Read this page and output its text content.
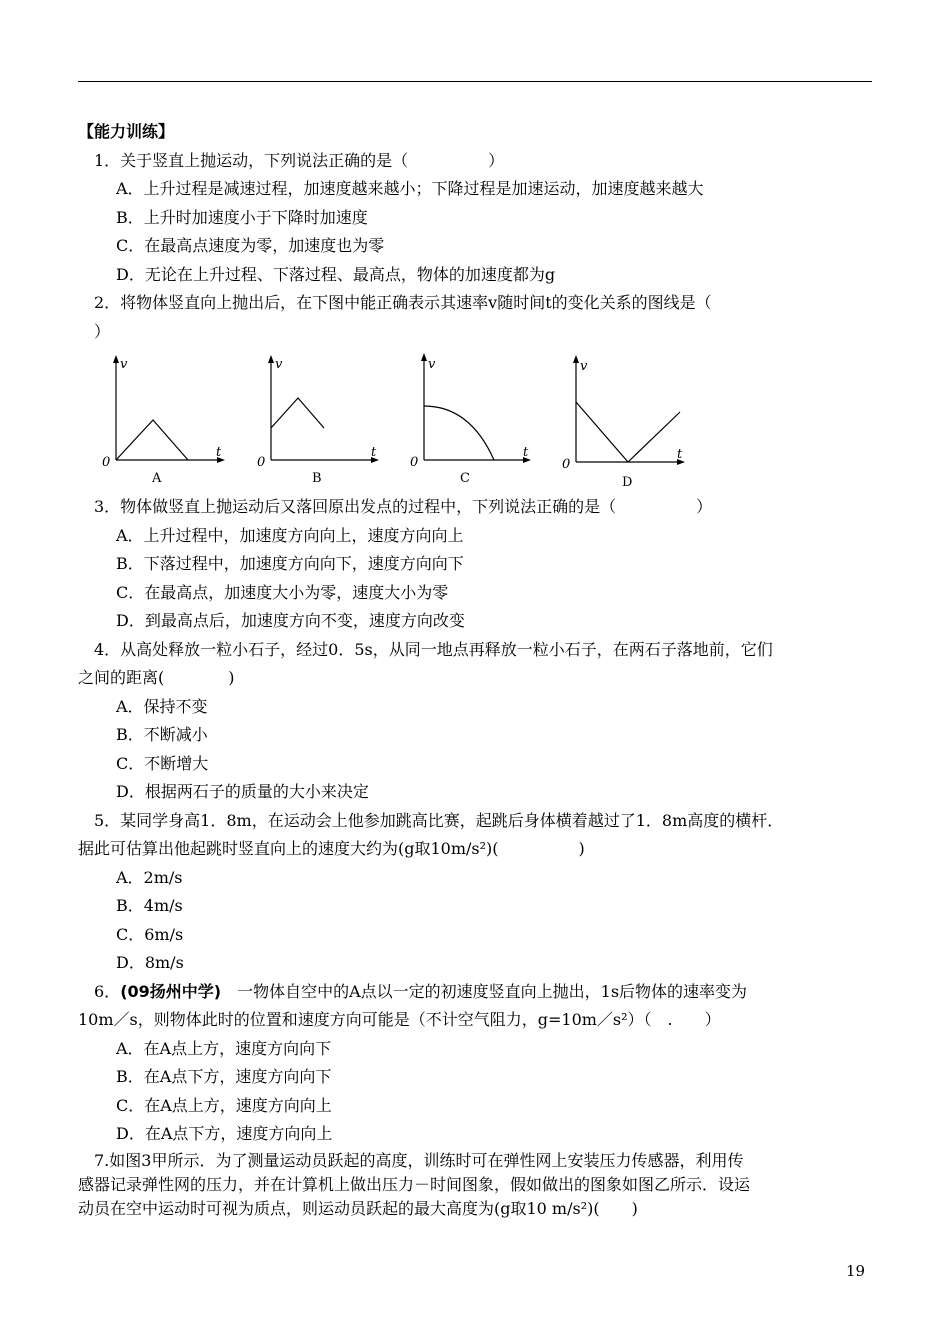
【能力训练】
1．关于竖直上抛运动，下列说法正确的是（　　　　　）
A．上升过程是减速过程，加速度越来越小；下降过程是加速运动，加速度越来越大
B．上升时加速度小于下降时加速度
C．在最高点速度为零，加速度也为零
D．无论在上升过程、下落过程、最高点，物体的加速度都为g
2．将物体竖直向上抛出后，在下图中能正确表示其速率v随时间t的变化关系的图线是（
）
v
t
0
A
v
t
0
B
v
t
0
C
v
t
0
D
3．物体做竖直上抛运动后又落回原出发点的过程中，下列说法正确的是（　　　　　）
A．上升过程中，加速度方向向上，速度方向向上
B．下落过程中，加速度方向向下，速度方向向下
C．在最高点，加速度大小为零，速度大小为零
D．到最高点后，加速度方向不变，速度方向改变
4．从高处释放一粒小石子，经过0．5s，从同一地点再释放一粒小石子，在两石子落地前，它们
之间的距离(　　　　)
A．保持不变
B．不断减小
C．不断增大
D．根据两石子的质量的大小来决定
5．某同学身高1．8m，在运动会上他参加跳高比赛，起跳后身体横着越过了1．8m高度的横杆．
据此可估算出他起跳时竖直向上的速度大约为(g取10m/s²)(　　　　　)
A．2m/s
B．4m/s
C．6m/s
D．8m/s
6．(09扬州中学)　一物体自空中的A点以一定的初速度竖直向上抛出，1s后物体的速率变为
10m／s，则物体此时的位置和速度方向可能是（不计空气阻力，g=10m／s²）（　.　　）
A．在A点上方，速度方向向下
B．在A点下方，速度方向向下
C．在A点上方，速度方向向上
D．在A点下方，速度方向向上
7.如图3甲所示．为了测量运动员跃起的高度，训练时可在弹性网上安装压力传感器，利用传
感器记录弹性网的压力，并在计算机上做出压力－时间图象，假如做出的图象如图乙所示．设运
动员在空中运动时可视为质点，则运动员跃起的最大高度为(g取10 m/s²)(　　)
19
